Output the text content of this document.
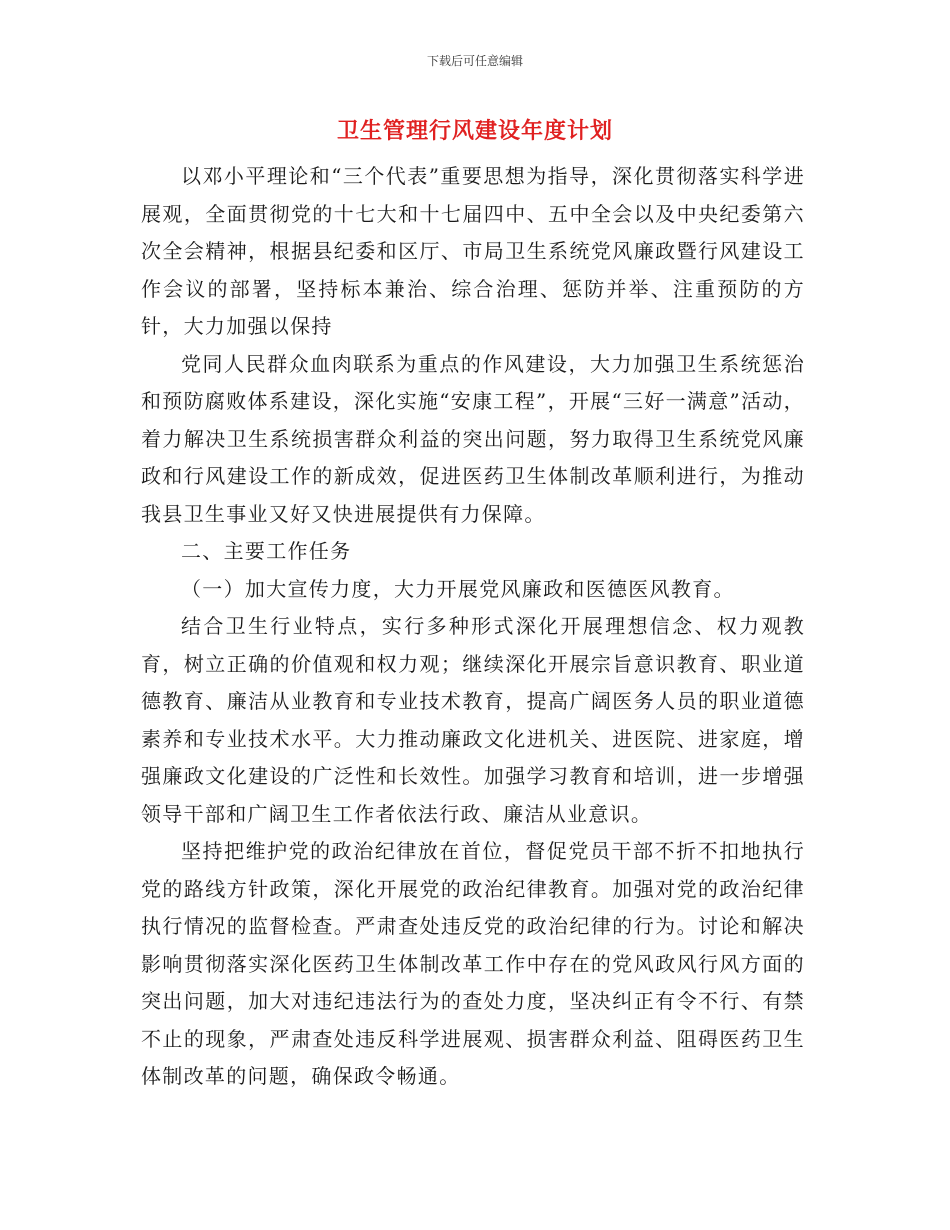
下载后可任意编辑
卫生管理行风建设年度计划

以邓小平理论和“三个代表”重要思想为指导，深化贯彻落实科学进展观，全面贯彻党的十七大和十七届四中、五中全会以及中央纪委第六次全会精神，根据县纪委和区厅、市局卫生系统党风廉政暨行风建设工作会议的部署，坚持标本兼治、综合治理、惩防并举、注重预防的方针，大力加强以保持

党同人民群众血肉联系为重点的作风建设，大力加强卫生系统惩治和预防腐败体系建设，深化实施“安康工程”，开展“三好一满意”活动，着力解决卫生系统损害群众利益的突出问题，努力取得卫生系统党风廉政和行风建设工作的新成效，促进医药卫生体制改革顺利进行，为推动我县卫生事业又好又快进展提供有力保障。

二、主要工作任务

（一）加大宣传力度，大力开展党风廉政和医德医风教育。

结合卫生行业特点，实行多种形式深化开展理想信念、权力观教育，树立正确的价值观和权力观；继续深化开展宗旨意识教育、职业道德教育、廉洁从业教育和专业技术教育，提高广阔医务人员的职业道德素养和专业技术水平。大力推动廉政文化进机关、进医院、进家庭，增强廉政文化建设的广泛性和长效性。加强学习教育和培训，进一步增强领导干部和广阔卫生工作者依法行政、廉洁从业意识。

坚持把维护党的政治纪律放在首位，督促党员干部不折不扣地执行党的路线方针政策，深化开展党的政治纪律教育。加强对党的政治纪律执行情况的监督检查。严肃查处违反党的政治纪律的行为。讨论和解决影响贯彻落实深化医药卫生体制改革工作中存在的党风政风行风方面的突出问题，加大对违纪违法行为的查处力度，坚决纠正有令不行、有禁不止的现象，严肃查处违反科学进展观、损害群众利益、阻碍医药卫生体制改革的问题，确保政令畅通。
